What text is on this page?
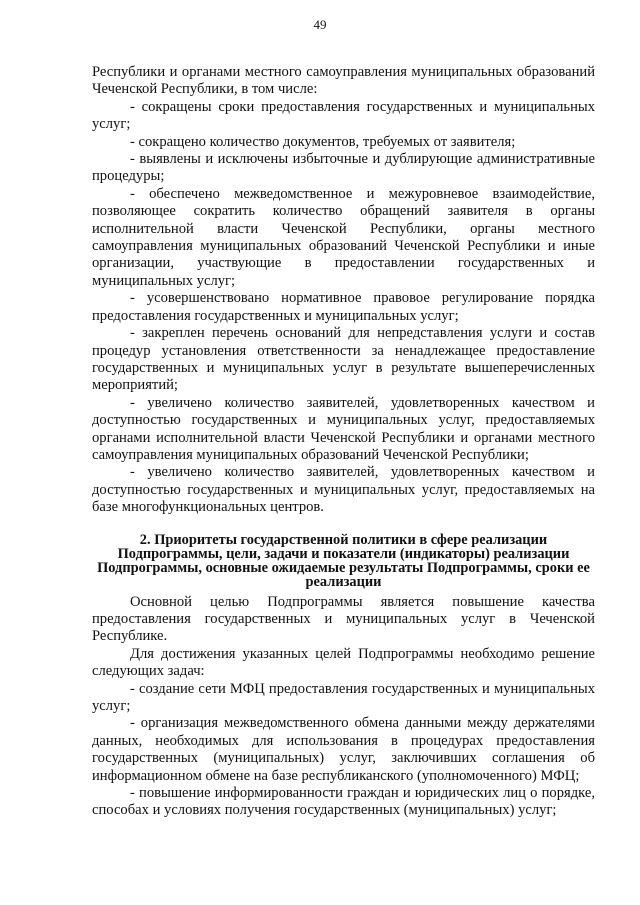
49

Республики и органами местного самоуправления муниципальных образований Чеченской Республики, в том числе:

- сокращены сроки предоставления государственных и муниципальных услуг;

- сокращено количество документов, требуемых от заявителя;

- выявлены и исключены избыточные и дублирующие административные процедуры;

- обеспечено межведомственное и межуровневое взаимодействие, позволяющее сократить количество обращений заявителя в органы исполнительной власти Чеченской Республики, органы местного самоуправления муниципальных образований Чеченской Республики и иные организации, участвующие в предоставлении государственных и муниципальных услуг;

- усовершенствовано нормативное правовое регулирование порядка предоставления государственных и муниципальных услуг;

- закреплен перечень оснований для непредставления услуги и состав процедур установления ответственности за ненадлежащее предоставление государственных и муниципальных услуг в результате вышеперечисленных мероприятий;

- увеличено количество заявителей, удовлетворенных качеством и доступностью государственных и муниципальных услуг, предоставляемых органами исполнительной власти Чеченской Республики и органами местного самоуправления муниципальных образований Чеченской Республики;

- увеличено количество заявителей, удовлетворенных качеством и доступностью государственных и муниципальных услуг, предоставляемых на базе многофункциональных центров.

2. Приоритеты государственной политики в сфере реализации Подпрограммы, цели, задачи и показатели (индикаторы) реализации Подпрограммы, основные ожидаемые результаты Подпрограммы, сроки ее реализации

Основной целью Подпрограммы является повышение качества предоставления государственных и муниципальных услуг в Чеченской Республике.

Для достижения указанных целей Подпрограммы необходимо решение следующих задач:

- создание сети МФЦ предоставления государственных и муниципальных услуг;

- организация межведомственного обмена данными между держателями данных, необходимых для использования в процедурах предоставления государственных (муниципальных) услуг, заключивших соглашения об информационном обмене на базе республиканского (уполномоченного) МФЦ;

- повышение информированности граждан и юридических лиц о порядке, способах и условиях получения государственных (муниципальных) услуг;
